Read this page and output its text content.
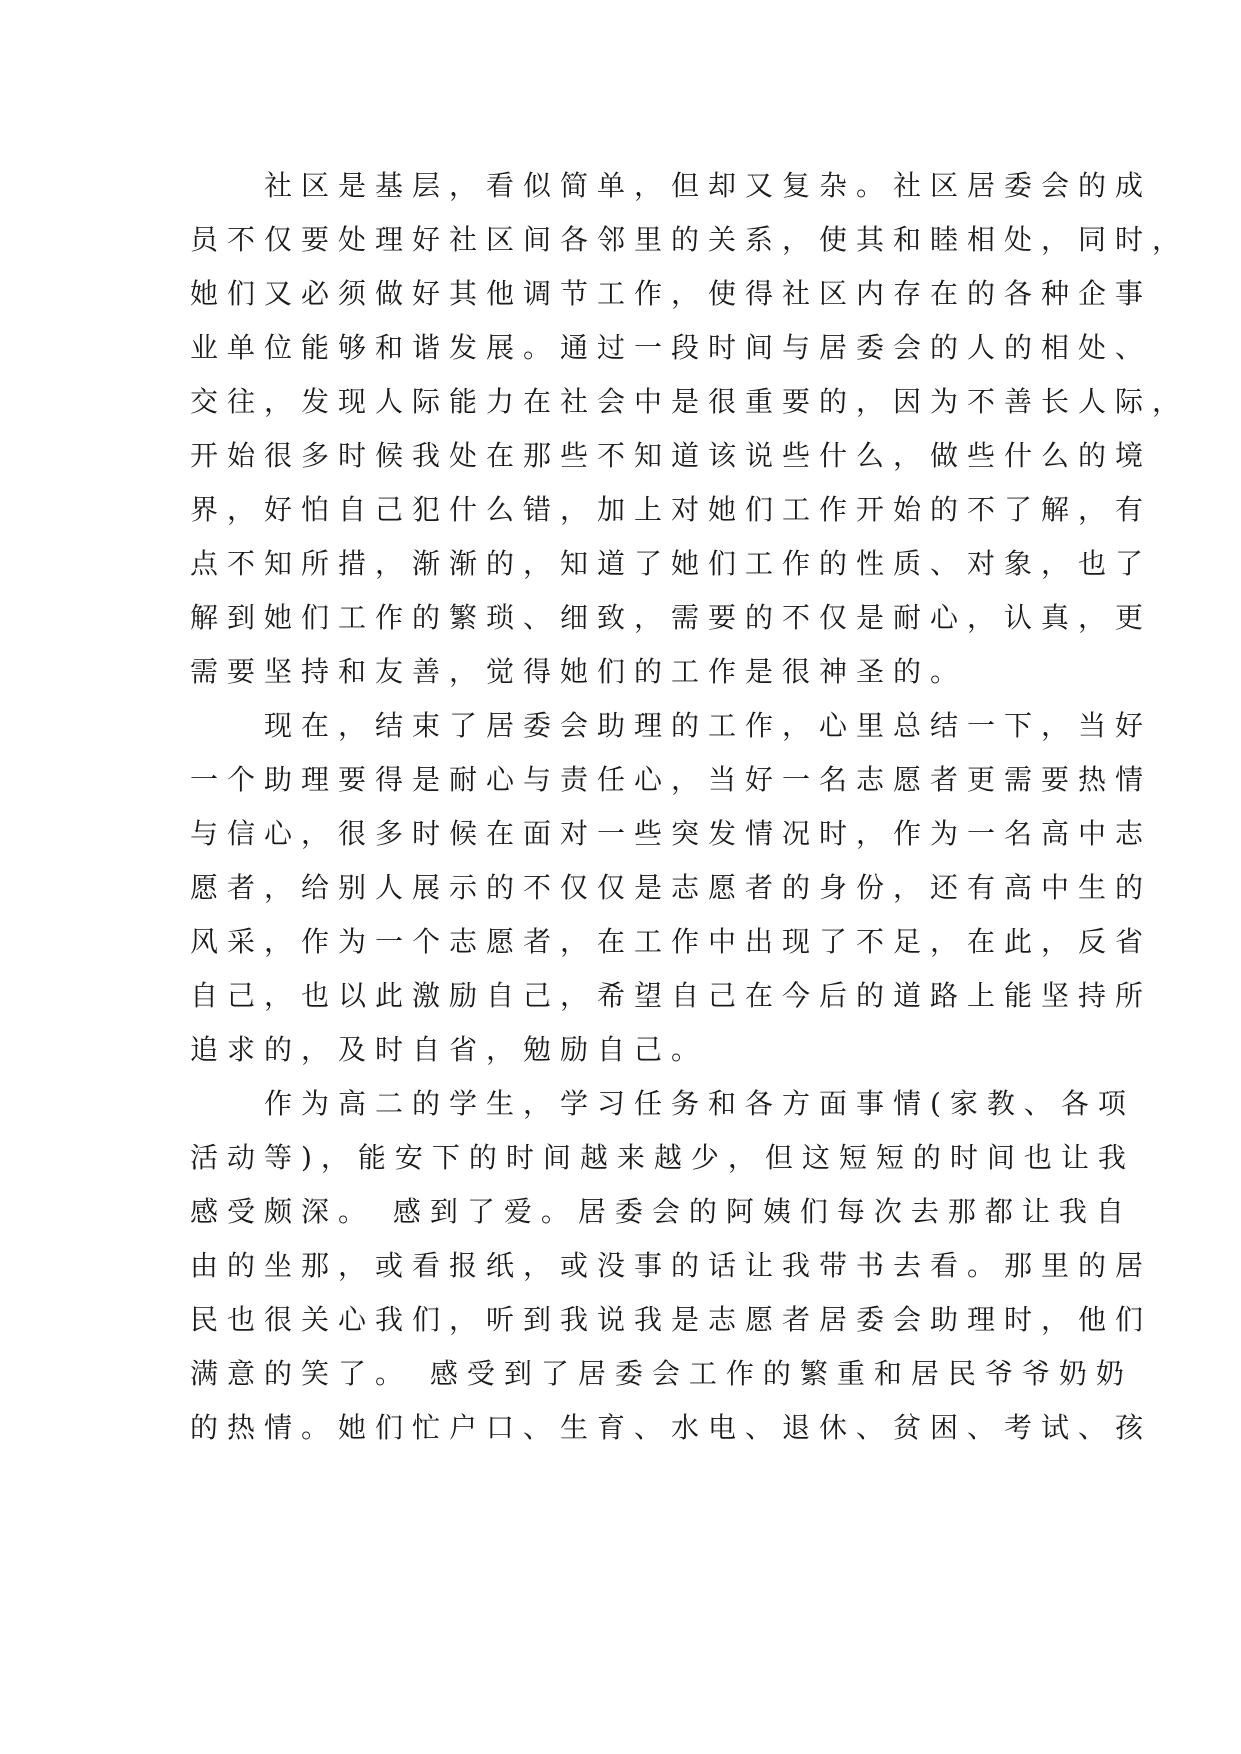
　　社区是基层，看似简单，但却又复杂。社区居委会的成
员不仅要处理好社区间各邻里的关系，使其和睦相处，同时，
她们又必须做好其他调节工作，使得社区内存在的各种企事
业单位能够和谐发展。通过一段时间与居委会的人的相处、
交往，发现人际能力在社会中是很重要的，因为不善长人际，
开始很多时候我处在那些不知道该说些什么，做些什么的境
界，好怕自己犯什么错，加上对她们工作开始的不了解，有
点不知所措，渐渐的，知道了她们工作的性质、对象，也了
解到她们工作的繁琐、细致，需要的不仅是耐心，认真，更
需要坚持和友善，觉得她们的工作是很神圣的。
　　现在，结束了居委会助理的工作，心里总结一下，当好
一个助理要得是耐心与责任心，当好一名志愿者更需要热情
与信心，很多时候在面对一些突发情况时，作为一名高中志
愿者，给别人展示的不仅仅是志愿者的身份，还有高中生的
风采，作为一个志愿者，在工作中出现了不足，在此，反省
自己，也以此激励自己，希望自己在今后的道路上能坚持所
追求的，及时自省，勉励自己。
　　作为高二的学生，学习任务和各方面事情(家教、各项
活动等)，能安下的时间越来越少，但这短短的时间也让我
感受颇深。 感到了爱。居委会的阿姨们每次去那都让我自
由的坐那，或看报纸，或没事的话让我带书去看。那里的居
民也很关心我们，听到我说我是志愿者居委会助理时，他们
满意的笑了。 感受到了居委会工作的繁重和居民爷爷奶奶
的热情。她们忙户口、生育、水电、退休、贫困、考试、孩
